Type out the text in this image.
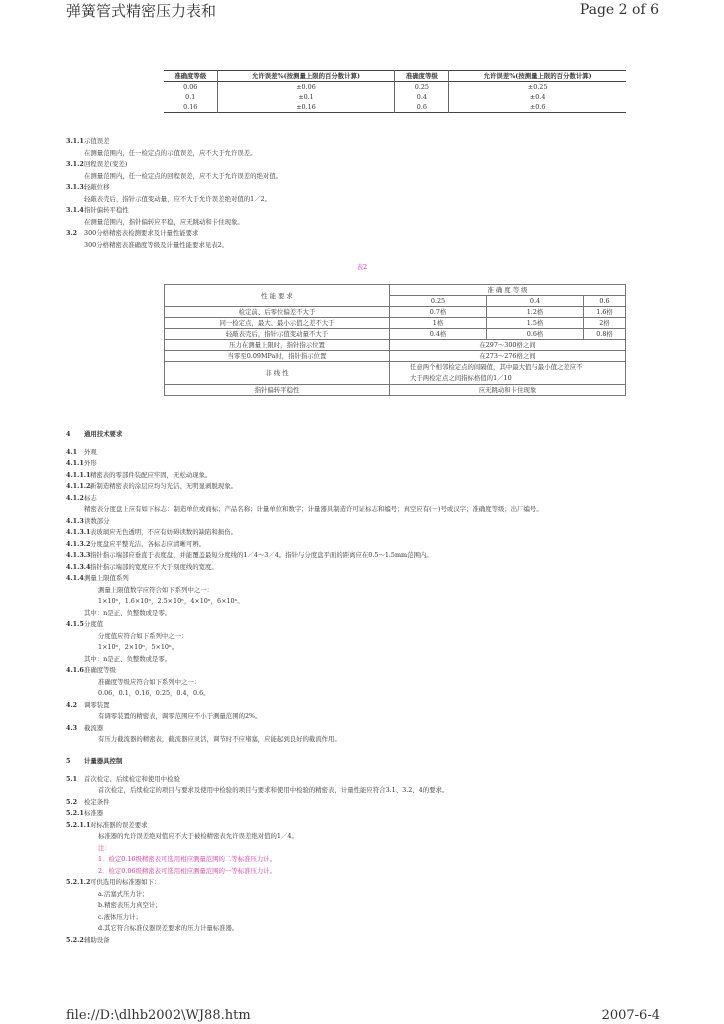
弹簧管式精密压力表和	Page 2 of 6
准确度等级	允许误差%(按测量上限的百分数计算)	准确度等级	允许误差%(按测量上限的百分数计算)
0.06	±0.06	0.25	±0.25
0.1	±0.1	0.4	±0.4
0.16	±0.16	0.6	±0.6
3.1.1示值误差
在测量范围内，任一检定点的示值误差，应不大于允许误差。
3.1.2回程误差(变差)
在测量范围内，任一检定点的回程误差，应不大于允许误差的绝对值。
3.1.3轻敲位移
轻敲表壳后，指针示值变动量，应不大于允许误差绝对值的1／2。
3.1.4指针偏转平稳性
在测量范围内，指针偏转应平稳，应无跳动和卡住现象。
3.2 300分格精密表检测要求及计量性能要求
300分格精密表准确度等级及计量性能要求见表2。
表2
性 能 要 求	准 确 度 等 级		
	0.25	0.4	0.6
检定前、后零位偏差不大于	0.7格	1.2格	1.6格
同一检定点，最大、最小示值之差不大于	1格	1.5格	2格
轻敲表壳后，指针示值变动量不大于	0.4格	0.6格	0.8格
压力在测量上限时，指针指示位置	在297～300格之间		
当零至0.09MPa时，指针指示位置	在273～276格之间		
非 线 性	任意两个相邻检定点的间隔值，其中最大值与最小值之差应不大于两检定点之间指标格值的1／10		
指针偏转平稳性	应无跳动和卡住现象		
4 通用技术要求
4.1 外观
4.1.1外形
4.1.1.1精密表的零部件装配应牢固，无松动现象。
4.1.1.2新制造精密表的涂层应均匀光洁、无明显剥脱现象。
4.1.2标志
精密表分度盘上应有如下标志：制造单位或商标；产品名称；计量单位和数字；计量器具制造许可证标志和编号；真空应有(－)号或汉字；准确度等级；出厂编号。
4.1.3读数部分
4.1.3.1表玻璃应无色透明，不应有妨碍读数的缺陷和损伤。
4.1.3.2分度盘应平整光洁，各标志应清晰可辨。
4.1.3.3指针指示端部应垂直于表度盘，并能覆盖最短分度线的1／4～3／4。指针与分度盘平面的距离应在0.5～1.5mm范围内。
4.1.3.4指针指示端部的宽度应不大于刻度线的宽度。
4.1.4测量上限值系列
测量上限值数字应符合如下系列中之一：
1×10ⁿ，1.6×10ⁿ，2.5×10ⁿ，4×10ⁿ，6×10ⁿ。
其中：n是正、负整数或是零。
4.1.5分度值
分度值应符合如下系列中之一：
1×10ⁿ，2×10ⁿ，5×10ⁿ。
其中：n是正、负整数或是零。
4.1.6准确度等级
准确度等级应符合如下系列中之一：
0.06，0.1，0.16，0.25，0.4，0.6。
4.2 调零装置
有调零装置的精密表，调零范围应不小于测量范围的2%。
4.3 截流器
有压力截流器的精密表，截流器应灵活，调节时不应堵塞，应能起到良好的截流作用。
5 计量器具控制
5.1 首次检定、后续检定和使用中检验
首次检定，后续检定的项目与要求及使用中检验的项目与要求和使用中检验的精密表，计量性能应符合3.1、3.2、4的要求。
5.2 检定条件
5.2.1标准器
5.2.1.1对标准器的误差要求
标准器的允许误差绝对值应不大于被检精密表允许误差绝对值的1／4。
注：
1．检定0.16级精密表可选用相应测量范围的二等标准压力计。
2．检定0.06级精密表可选用相应测量范围的一等标准压力计。
5.2.1.2可供选用的标准器如下：
a.活塞式压力计；
b.精密表压力真空计；
c.液体压力计；
d.其它符合标准仪器误差要求的压力计量标准器。
5.2.2辅助设备
file://D:\dlhb2002\WJ88.htm	2007-6-4
